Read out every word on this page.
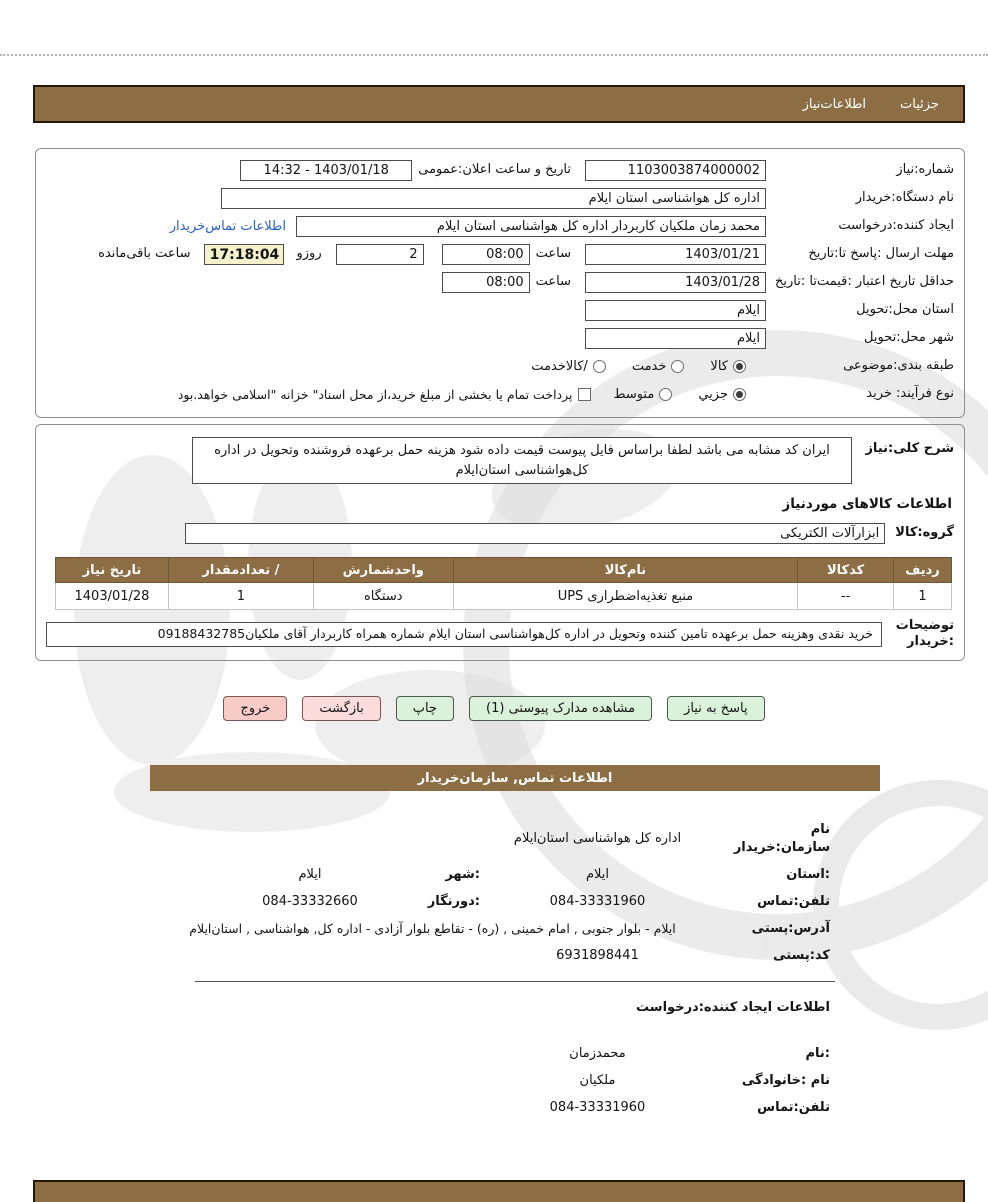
جزئیات
اطلاعات‌نیاز
شماره:نیاز
1103003874000002
تاریخ و ساعت اعلان:عمومی
14:32 - 1403/01/18
نام دستگاه:خریدار
اداره کل هواشناسی استان ایلام
ایجاد کننده:درخواست
محمد زمان ملکیان کاربردار اداره کل هواشناسی استان ایلام
اطلاعات تماس‌خریدار
مهلت ارسال :پاسخ تا:تاریخ
1403/01/21
ساعت
08:00
2
روزو
17:18:04
ساعت باقی‌مانده
حداقل تاریخ اعتبار :قیمت‌تا :تاریخ
1403/01/28
ساعت
08:00
استان محل:تحویل
ایلام
شهر محل:تحویل
ایلام
طبقه بندی:موضوعی
کالا
خدمت
/کالاخدمت
نوع فرآیند: خرید
جزیي
متوسط
پرداخت تمام یا بخشی از مبلغ خرید،از محل اسناد" خزانه "اسلامی خواهد.بود
شرح کلی:نیاز
ایران کد مشابه می باشد لطفا براساس فایل پیوست قیمت داده شود هزینه حمل برعهده فروشنده وتحویل در اداره کل‌هواشناسی استان‌ایلام
اطلاعات کالاهای موردنیاز
گروه:کالا
ابزارآلات الکتریکی
ردیف	کدکالا	نام‌کالا	واحدشمارش	/ تعدادمقدار	تاریخ نیاز
1	--	منبع تغذیه‌اضطراری UPS	دستگاه	1	1403/01/28
توضیحات :خریدار
خرید نقدی وهزینه حمل برعهده تامین کننده وتحویل در اداره کل‌هواشناسی استان ایلام شماره همراه کاربردار آقای ملکیان09188432785
پاسخ به نیاز
مشاهده مدارک پیوستی (1)
چاپ
بازگشت
خروج
اطلاعات تماس, سازمان‌خریدار
نام سازمان:خریدار
اداره کل هواشناسی استان‌ایلام
:استان
ایلام
:شهر
ایلام
تلفن:تماس
084-33331960
:دورنگار
084-33332660
آدرس:پستی
ایلام - بلوار جنوبی , امام خمینی , (ره) - تقاطع بلوار آزادی - اداره کل, هواشناسی , استان‌ایلام
کد:پستی
6931898441
اطلاعات ایجاد کننده:درخواست
:نام
محمدزمان
نام :خانوادگی
ملکیان
تلفن:تماس
084-33331960
